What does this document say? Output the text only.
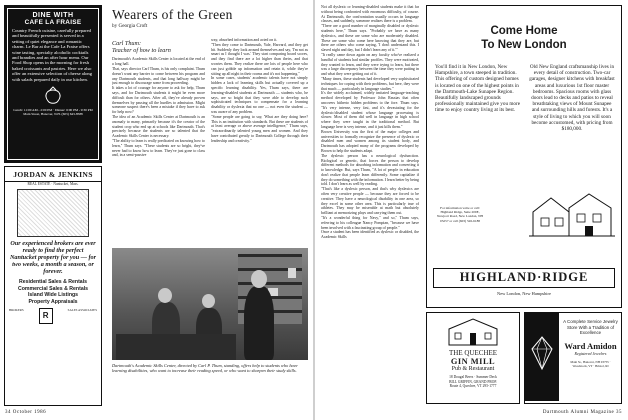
DINE WITH
CAFE LA FRAISE
Country French cuisine, carefully prepared and beautifully presented is served in a setting of quiet elegance and romantic charm. Le Bar at the Cafe La Fraise offers wine tasting, specialty alcoholic cocktails and brandies and an after hour menu. Our Food Shop opens in the morning for fresh baked croissants and pastries. Here we also offer an extensive selection of cheese along with salads prepared daily in our kitchen.
Lunch: 11:00 AM - 2:00 PM · Dinner: 6:00 PM - 9:30 PM
Main Street, Hanover, N.H. (603) 643-8588
JORDAN & JENKINS
REAL ESTATE · Nantucket, Mass.
Our experienced brokers are ever ready to find the perfect Nantucket property for you — for two weeks, a month a season, or forever.
Residential Sales & Rentals
Commercial Sales & Rentals
Island Wide Listings
Property Appraisals
BROKERS
R
SALES ASSOCIATES
Wearers of the Green
by Georgia Croft
Carl Thum:
Teacher of how to learn
Dartmouth's Academic Skills Center is located at the end of a long hall.
That, says director Carl Thum, is his only complaint. Thum doesn't want any barrier to come between his program and any Dartmouth students, and that long hallway might be just enough to discourage some from proceeding.
It takes a lot of courage for anyone to ask for help, Thum says, and for Dartmouth students it might be even more difficult than for others. After all, they've already proven themselves by passing all the hurdles to admission. Might someone suspect there's been a mistake if they have to ask for help now?
The idea of an Academic Skills Center at Dartmouth is an anomaly to many, primarily because it's the creator of the student crop who end up at schools like Dartmouth. That's precisely because the students are so talented that the Academic Skills Center is necessary.
"The ability to learn is really predicated on knowing how to learn," Thum says. "These students are so bright, they've never had to know how to learn. They've just gone to class and, in a semi-passive
way, absorbed information and acted on it.
"Then they come to Dartmouth, Yale, Harvard, and they get hit. Suddenly they look around themselves and say, 'I'm not as smart as I thought I was.' They start comparing board scores, and they find there are a lot higher than theirs, and that worries them. They realize there are lots of people here who can just gobble up information and retain it, while they're sitting up all night in their rooms and it's not happening."
In some cases, students' academic talents have not simply hidden a lack of learning skills but actually covered up a specific learning disability. Yes, Thum says, there are learning-disabled students at Dartmouth — students who, he says, are so bright that they were able to develop such sophisticated techniques to compensate for a learning disability or dyslexia that no one — not even the student — was aware of any problem.
"Some people are going to say, 'What are they doing here? This is an institution with standards. But these are students of at least average or above average intelligence," Thum says, "extraordinarily talented young men and women. And they have contributed greatly to Dartmouth College through their leadership and creativity."
Dartmouth's Academic Skills Center, directed by Carl P. Thum, standing, offers help to students who have learning disabilities, who want to increase their reading speed, or who want to sharpen their study skills.
34 October 1986
Not all dyslexic or learning-disabled students make it that far without being confronted with enormous difficulty, of course. At Dartmouth, the confrontation usually occurs in language classes, and suddenly, someone realizes there is a problem.
"There are a good number of marginally disabled or dyslexic students here," Thum says. "Probably we have as many dyslexics, and these are some who are moderately disabled. These are some who come here knowing that they are, but there are others who come saying, 'I don't understand this. I slaved night and day, but I didn't learn any of it.'"
"It really came down again on any faculty who've realized a handful of students had similar profiles. They were motivated, they wanted to learn, and they were trying to learn, but there was a large discrepancy between the time they were putting in and what they were getting out of it.
"Many times, these students had developed very sophisticated techniques for coping with their problems, but here, they were that much — particularly in language studies."
It's the widely acclaimed, widely imitated language-teaching method developed by Professor John Rassias that often uncovers hitherto hidden problems to the fore. Thum says. "It's very intense, very fast, and it's devastating for the dyslexic/disabled student whose language processing is slower. Most of them did well in language in high school where they were taught in the traditional method. But language here is very intense, and it just kills them."
Brown University was the first of the major colleges and universities to formally recognize the presence of dyslexic or disabled men and women among its student body, and Dartmouth has adopted many of the programs developed by Brown to help the students adapt.
The dyslexic person has a neurological dysfunction. Biological or genetic, that forces the person to develop different methods for absorbing information and converting it to knowledge. But, says Thum, "A lot of people in education don't realize that people learn differently. Some capitalize if they do something with the information. I learn better by being told. I don't learn as well by reading.
"That's like a dyslexic person, and that's why dyslexics are often very creative people — because they are forced to be creative. They have a neurological disability in one area, so they excel in some other area. This is particularly true of athletes. They may be miserable at math but absolutely brilliant at memorizing plays and carrying them out.
"It's a wonderful thing for Navy," and so," Thum says, referring to his colleague Nancy Pompian, "because we have been involved with a fascinating group of people."
Once a student has been identified as dyslexic or disabled, the Academic Skills
Come Home
To New London
You'll find it in New London, New Hampshire, a town steeped in tradition. This offering of custom designed homes is located on one of the highest points in the Dartmouth-Lake Sunapee Region. Beautifully landscaped grounds professionally maintained give you more time to enjoy country living at its best.
Old New England craftsmanship lives in every detail of construction. Two-car garages, designer kitchens with breakfast areas and luxurious 1st floor master bedrooms. Spacious rooms with glass doors lead to decks and patios to reveal breathtaking views of Mount Sunapee and surrounding hills and forests. It's a style of living to which you will soon become accustomed, with pricing from $180,000.
For information write or call: Highland Ridge, Suite 209E, Newport Road, New London, NH 03257 or call (603) 526-6188
HIGHLAND·RIDGE
New London, New Hampshire
THE QUECHEE
GIN MILL
Pub & Restaurant
18 Dougal Beers · Summer Deck
BILL GRIFFIN, GRAND PROP.
Route 4, Quechee, VT 295-1777
A Complete Service Jewelry Store With a Tradition of Excellence
Ward Amidon
Registered Jewelers
Main St., Hanover, NH 03755 · Woodstock, VT · Bristol, RI
Dartmouth Alumni Magazine 35
